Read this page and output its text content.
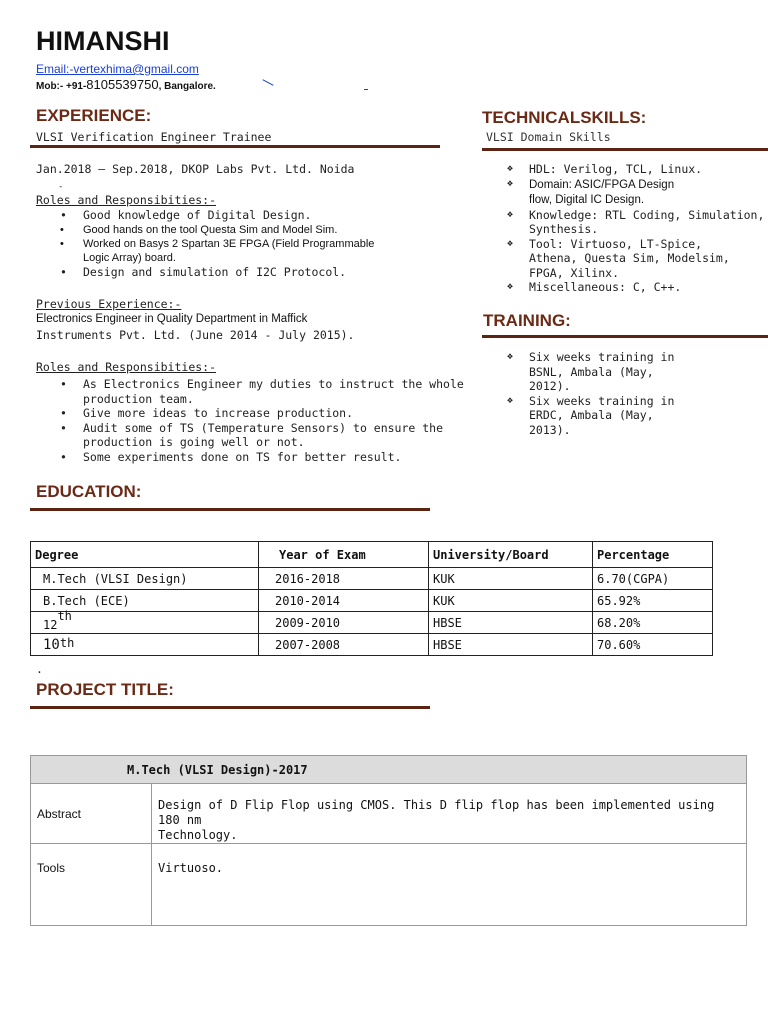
HIMANSHI
Email:-vertexhima@gmail.com
Mob:- +91-8105539750, Bangalore.
EXPERIENCE:
VLSI Verification Engineer Trainee
Jan.2018 – Sep.2018, DKOP Labs Pvt. Ltd. Noida
-
Roles and Responsibities:-
• Good knowledge of Digital Design.
• Good hands on the tool Questa Sim and Model Sim.
• Worked on Basys 2 Spartan 3E FPGA (Field Programmable
Logic Array) board.
• Design and simulation of I2C Protocol.
Previous Experience:-
Electronics Engineer in Quality Department in Maffick
Instruments Pvt. Ltd. (June 2014 - July 2015).
Roles and Responsibities:-
• As Electronics Engineer my duties to instruct the whole
production team.
• Give more ideas to increase production.
• Audit some of TS (Temperature Sensors) to ensure the
production is going well or not.
• Some experiments done on TS for better result.
TECHNICALSKILLS:
VLSI Domain Skills
❖ HDL: Verilog, TCL, Linux.
❖ Domain: ASIC/FPGA Design
flow, Digital IC Design.
❖ Knowledge: RTL Coding, Simulation,
Synthesis.
❖ Tool: Virtuoso, LT-Spice,
Athena, Questa Sim, Modelsim,
FPGA, Xilinx.
❖ Miscellaneous: C, C++.
TRAINING:
❖ Six weeks training in
BSNL, Ambala (May,
2012).
❖ Six weeks training in
ERDC, Ambala (May,
2013).
EDUCATION:
Degree	Year of Exam	University/Board	Percentage
M.Tech (VLSI Design)	2016-2018	KUK	6.70(CGPA)
B.Tech (ECE)	2010-2014	KUK	65.92%
12th	2009-2010	HBSE	68.20%
10th	2007-2008	HBSE	70.60%
.
PROJECT TITLE:
M.Tech (VLSI Design)-2017	
Abstract	Design of D Flip Flop using CMOS. This D flip flop has been implemented using 180 nm
Technology.
Tools	Virtuoso.
